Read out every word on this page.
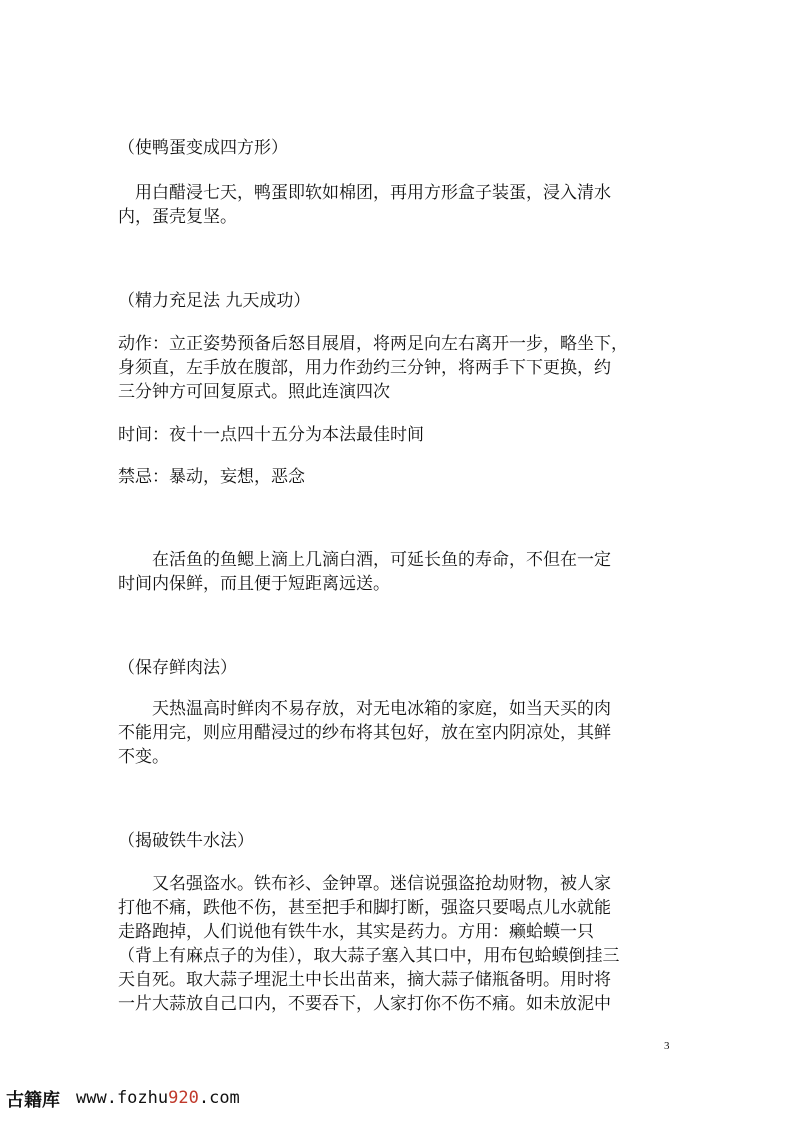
（使鸭蛋变成四方形）
　用白醋浸七天，鸭蛋即软如棉团，再用方形盒子装蛋，浸入清水
内，蛋壳复坚。
（精力充足法 九天成功）
动作：立正姿势预备后怒目展眉，将两足向左右离开一步，略坐下，
身须直，左手放在腹部，用力作劲约三分钟，将两手下下更换，约
三分钟方可回复原式。照此连演四次
时间：夜十一点四十五分为本法最佳时间
禁忌：暴动，妄想，恶念
　　在活鱼的鱼鳃上滴上几滴白酒，可延长鱼的寿命，不但在一定
时间内保鲜，而且便于短距离远送。
（保存鲜肉法）
　　天热温高时鲜肉不易存放，对无电冰箱的家庭，如当天买的肉
不能用完，则应用醋浸过的纱布将其包好，放在室内阴凉处，其鲜
不变。
（揭破铁牛水法）
　　又名强盗水。铁布衫、金钟罩。迷信说强盗抢劫财物，被人家
打他不痛，跌他不伤，甚至把手和脚打断，强盗只要喝点儿水就能
走路跑掉，人们说他有铁牛水，其实是药力。方用：癞蛤蟆一只
（背上有麻点子的为佳），取大蒜子塞入其口中，用布包蛤蟆倒挂三
天自死。取大蒜子埋泥土中长出苗来，摘大蒜子储瓶备明。用时将
一片大蒜放自己口内，不要吞下，人家打你不伤不痛。如未放泥中
3
古籍库 www.fozhu920.com
